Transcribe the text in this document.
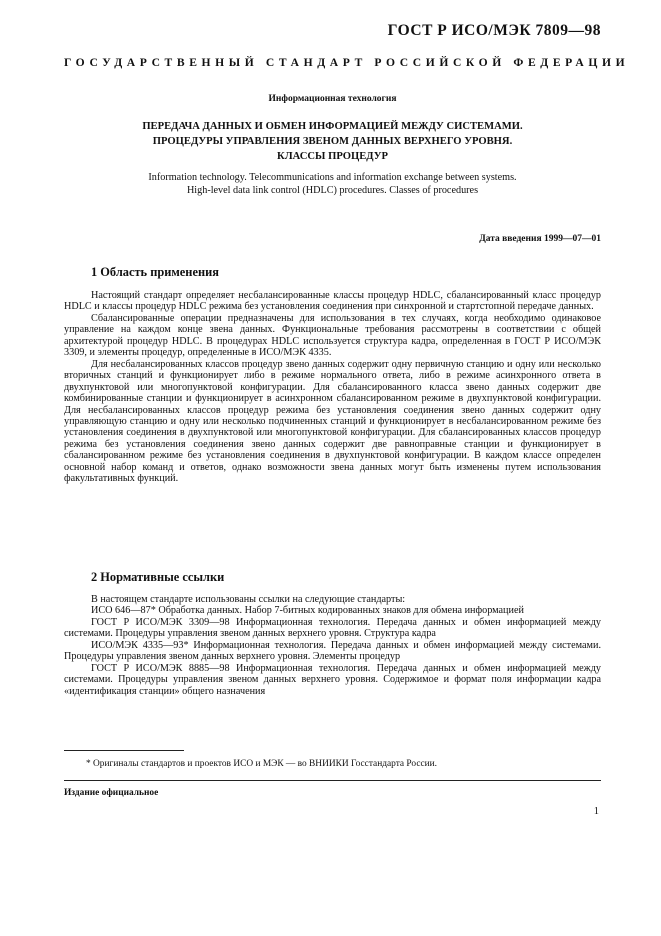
ГОСТ Р ИСО/МЭК 7809—98
ГОСУДАРСТВЕННЫЙ СТАНДАРТ РОССИЙСКОЙ ФЕДЕРАЦИИ
Информационная технология
ПЕРЕДАЧА ДАННЫХ И ОБМЕН ИНФОРМАЦИЕЙ МЕЖДУ СИСТЕМАМИ.
ПРОЦЕДУРЫ УПРАВЛЕНИЯ ЗВЕНОМ ДАННЫХ ВЕРХНЕГО УРОВНЯ.
КЛАССЫ ПРОЦЕДУР
Information technology. Telecommunications and information exchange between systems.
High-level data link control (HDLC) procedures. Classes of procedures
Дата введения 1999—07—01
1 Область применения

Настоящий стандарт определяет несбалансированные классы процедур HDLC, сбалансированный класс процедур HDLC и классы процедур HDLC режима без установления соединения при синхронной и стартстопной передаче данных.

Сбалансированные операции предназначены для использования в тех случаях, когда необходимо одинаковое управление на каждом конце звена данных. Функциональные требования рассмотрены в соответствии с общей архитектурой процедур HDLC. В процедурах HDLC используется структура кадра, определенная в ГОСТ Р ИСО/МЭК 3309, и элементы процедур, определенные в ИСО/МЭК 4335.

Для несбалансированных классов процедур звено данных содержит одну первичную станцию и одну или несколько вторичных станций и функционирует либо в режиме нормального ответа, либо в режиме асинхронного ответа в двухпунктовой или многопунктовой конфигурации. Для сбалансированного класса звено данных содержит две комбинированные станции и функционирует в асинхронном сбалансированном режиме в двухпунктовой конфигурации. Для несбалансированных классов процедур режима без установления соединения звено данных содержит одну управляющую станцию и одну или несколько подчиненных станций и функционирует в несбалансированном режиме без установления соединения в двухпунктовой или многопунктовой конфигурации. Для сбалансированных классов процедур режима без установления соединения звено данных содержит две равноправные станции и функционирует в сбалансированном режиме без установления соединения в двухпунктовой конфигурации. В каждом классе определен основной набор команд и ответов, однако возможности звена данных могут быть изменены путем использования факультативных функций.

2 Нормативные ссылки

В настоящем стандарте использованы ссылки на следующие стандарты:

ИСО 646—87* Обработка данных. Набор 7-битных кодированных знаков для обмена информацией

ГОСТ Р ИСО/МЭК 3309—98 Информационная технология. Передача данных и обмен информацией между системами. Процедуры управления звеном данных верхнего уровня. Структура кадра

ИСО/МЭК 4335—93* Информационная технология. Передача данных и обмен информацией между системами. Процедуры управления звеном данных верхнего уровня. Элементы процедур

ГОСТ Р ИСО/МЭК 8885—98 Информационная технология. Передача данных и обмен информацией между системами. Процедуры управления звеном данных верхнего уровня. Содержимое и формат поля информации кадра «идентификация станции» общего назначения

* Оригиналы стандартов и проектов ИСО и МЭК — во ВНИИКИ Госстандарта России.
Издание официальное
1
